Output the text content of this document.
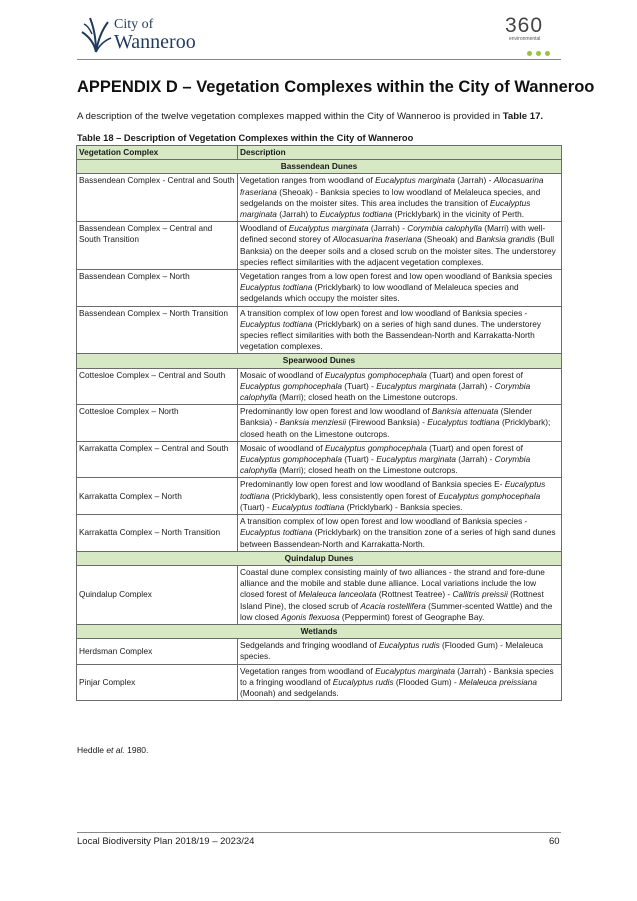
City of
Wanneroo
360
environmental
APPENDIX D – Vegetation Complexes within the City of Wanneroo

A description of the twelve vegetation complexes mapped within the City of Wanneroo is provided in Table 17.

Table 18 – Description of Vegetation Complexes within the City of Wanneroo

Vegetation Complex	Description
Bassendean Dunes	
Bassendean Complex - Central and South	Vegetation ranges from woodland of Eucalyptus marginata (Jarrah) - Allocasuarina fraseriana (Sheoak) - Banksia species to low woodland of Melaleuca species, and sedgelands on the moister sites. This area includes the transition of Eucalyptus marginata (Jarrah) to Eucalyptus todtiana (Pricklybark) in the vicinity of Perth.
Bassendean Complex – Central and South Transition	Woodland of Eucalyptus marginata (Jarrah) - Corymbia calophylla (Marri) with well-defined second storey of Allocasuarina fraseriana (Sheoak) and Banksia grandis (Bull Banksia) on the deeper soils and a closed scrub on the moister sites. The understorey species reflect similarities with the adjacent vegetation complexes.
Bassendean Complex – North	Vegetation ranges from a low open forest and low open woodland of Banksia species Eucalyptus todtiana (Pricklybark) to low woodland of Melaleuca species and sedgelands which occupy the moister sites.
Bassendean Complex – North Transition	A transition complex of low open forest and low woodland of Banksia species - Eucalyptus todtiana (Pricklybark) on a series of high sand dunes. The understorey species reflect similarities with both the Bassendean-North and Karrakatta-North vegetation complexes.
Spearwood Dunes	
Cottesloe Complex – Central and South	Mosaic of woodland of Eucalyptus gomphocephala (Tuart) and open forest of Eucalyptus gomphocephala (Tuart) - Eucalyptus marginata (Jarrah) - Corymbia calophylla (Marri); closed heath on the Limestone outcrops.
Cottesloe Complex – North	Predominantly low open forest and low woodland of Banksia attenuata (Slender Banksia) - Banksia menziesii (Firewood Banksia) - Eucalyptus todtiana (Pricklybark); closed heath on the Limestone outcrops.
Karrakatta Complex – Central and South	Mosaic of woodland of Eucalyptus gomphocephala (Tuart) and open forest of Eucalyptus gomphocephala (Tuart) - Eucalyptus marginata (Jarrah) - Corymbia calophylla (Marri); closed heath on the Limestone outcrops.
Karrakatta Complex – North	Predominantly low open forest and low woodland of Banksia species E- Eucalyptus todtiana (Pricklybark), less consistently open forest of Eucalyptus gomphocephala (Tuart) - Eucalyptus todtiana (Pricklybark) - Banksia species.
Karrakatta Complex – North Transition	A transition complex of low open forest and low woodland of Banksia species - Eucalyptus todtiana (Pricklybark) on the transition zone of a series of high sand dunes between Bassendean-North and Karrakatta-North.
Quindalup Dunes	
Quindalup Complex	Coastal dune complex consisting mainly of two alliances - the strand and fore-dune alliance and the mobile and stable dune alliance. Local variations include the low closed forest of Melaleuca lanceolata (Rottnest Teatree) - Callitris preissii (Rottnest Island Pine), the closed scrub of Acacia rostellifera (Summer-scented Wattle) and the low closed Agonis flexuosa (Peppermint) forest of Geographe Bay.
Wetlands	
Herdsman Complex	Sedgelands and fringing woodland of Eucalyptus rudis (Flooded Gum) - Melaleuca species.
Pinjar Complex	Vegetation ranges from woodland of Eucalyptus marginata (Jarrah) - Banksia species to a fringing woodland of Eucalyptus rudis (Flooded Gum) - Melaleuca preissiana (Moonah) and sedgelands.

Heddle et al. 1980.

Local Biodiversity Plan 2018/19 – 2023/24	60
